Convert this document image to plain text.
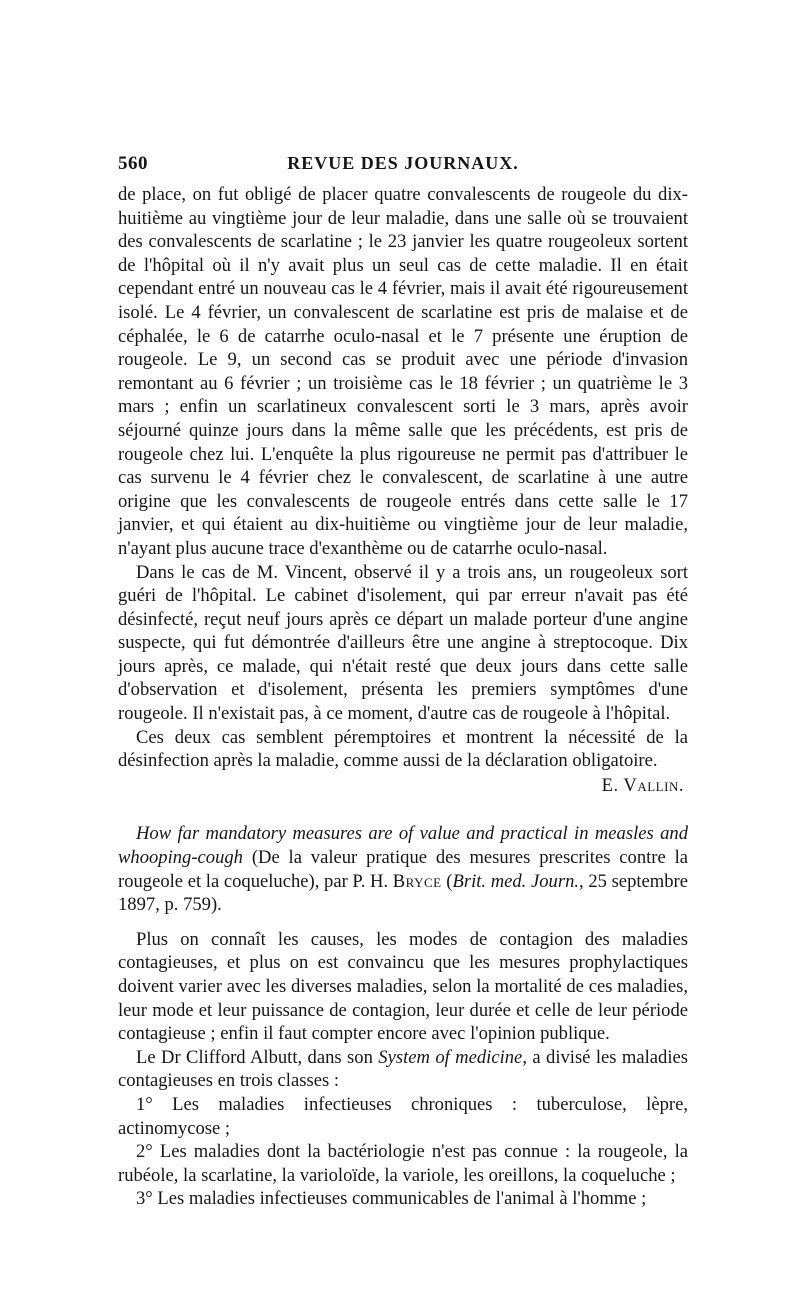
560	REVUE DES JOURNAUX.

de place, on fut obligé de placer quatre convalescents de rougeole du dix-huitième au vingtième jour de leur maladie, dans une salle où se trouvaient des convalescents de scarlatine ; le 23 janvier les quatre rougeoleux sortent de l'hôpital où il n'y avait plus un seul cas de cette maladie. Il en était cependant entré un nouveau cas le 4 février, mais il avait été rigoureusement isolé. Le 4 février, un convalescent de scarlatine est pris de malaise et de céphalée, le 6 de catarrhe oculo-nasal et le 7 présente une éruption de rougeole. Le 9, un second cas se produit avec une période d'invasion remontant au 6 février ; un troisième cas le 18 février ; un quatrième le 3 mars ; enfin un scarlatineux convalescent sorti le 3 mars, après avoir séjourné quinze jours dans la même salle que les précédents, est pris de rougeole chez lui. L'enquête la plus rigoureuse ne permit pas d'attribuer le cas survenu le 4 février chez le convalescent, de scarlatine à une autre origine que les convalescents de rougeole entrés dans cette salle le 17 janvier, et qui étaient au dix-huitième ou vingtième jour de leur maladie, n'ayant plus aucune trace d'exanthème ou de catarrhe oculo-nasal.

Dans le cas de M. Vincent, observé il y a trois ans, un rougeoleux sort guéri de l'hôpital. Le cabinet d'isolement, qui par erreur n'avait pas été désinfecté, reçut neuf jours après ce départ un malade porteur d'une angine suspecte, qui fut démontrée d'ailleurs être une angine à streptocoque. Dix jours après, ce malade, qui n'était resté que deux jours dans cette salle d'observation et d'isolement, présenta les premiers symptômes d'une rougeole. Il n'existait pas, à ce moment, d'autre cas de rougeole à l'hôpital.

Ces deux cas semblent péremptoires et montrent la nécessité de la désinfection après la maladie, comme aussi de la déclaration obligatoire.

E. Vallin.

How far mandatory measures are of value and practical in measles and whooping-cough (De la valeur pratique des mesures prescrites contre la rougeole et la coqueluche), par P. H. Bryce (Brit. med. Journ., 25 septembre 1897, p. 759).

Plus on connaît les causes, les modes de contagion des maladies contagieuses, et plus on est convaincu que les mesures prophylactiques doivent varier avec les diverses maladies, selon la mortalité de ces maladies, leur mode et leur puissance de contagion, leur durée et celle de leur période contagieuse ; enfin il faut compter encore avec l'opinion publique.

Le Dr Clifford Albutt, dans son System of medicine, a divisé les maladies contagieuses en trois classes :

1° Les maladies infectieuses chroniques : tuberculose, lèpre, actinomycose ;

2° Les maladies dont la bactériologie n'est pas connue : la rougeole, la rubéole, la scarlatine, la varioloïde, la variole, les oreillons, la coqueluche ;

3° Les maladies infectieuses communicables de l'animal à l'homme ;
